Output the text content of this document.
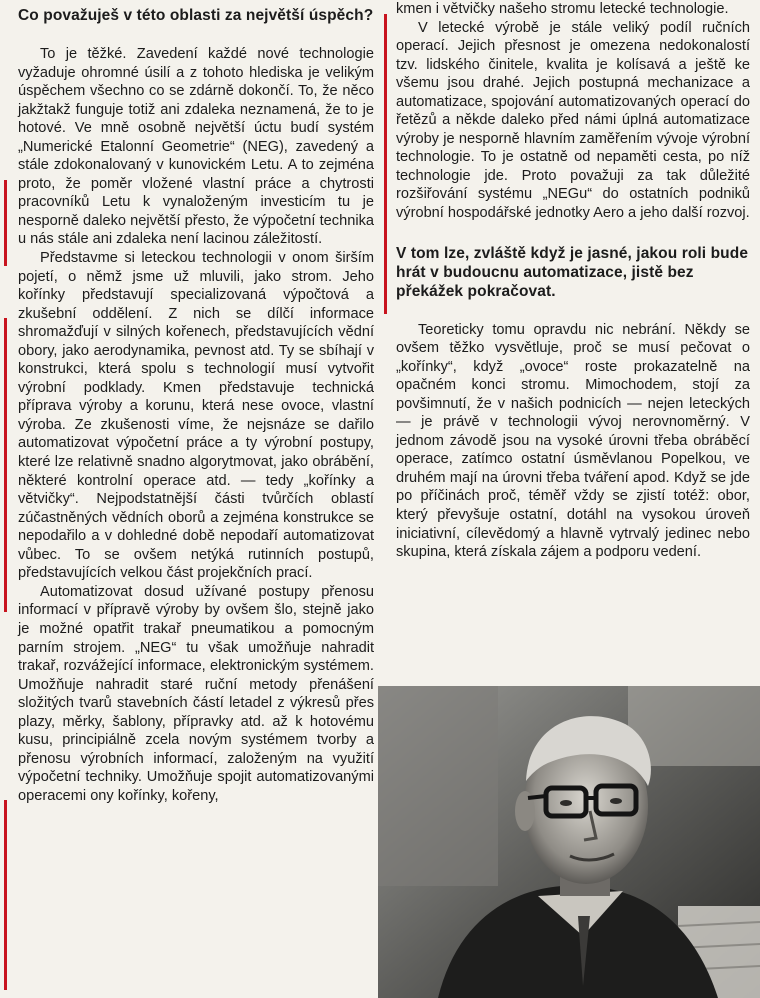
Co považuješ v této oblasti za největší úspěch?

To je těžké. Zavedení každé nové technologie vyžaduje ohromné úsilí a z tohoto hlediska je velikým úspěchem všechno co se zdárně dokončí. To, že něco jakžtakž funguje totiž ani zdaleka neznamená, že to je hotové. Ve mně osobně největší úctu budí systém „Numerické Etalonní Geometrie“ (NEG), zavedený a stále zdokonalovaný v kunovickém Letu. A to zejména proto, že poměr vložené vlastní práce a chytrosti pracovníků Letu k vynaloženým investicím tu je nesporně daleko největší přesto, že výpočetní technika u nás stále ani zdaleka není lacinou záležitostí.

Představme si leteckou technologii v onom širším pojetí, o němž jsme už mluvili, jako strom. Jeho kořínky představují specializovaná výpočtová a zkušební oddělení. Z nich se dílčí informace shromažďují v silných kořenech, představujících vědní obory, jako aerodynamika, pevnost atd. Ty se sbíhají v konstrukci, která spolu s technologií musí vytvořit výrobní podklady. Kmen představuje technická příprava výroby a korunu, která nese ovoce, vlastní výroba. Ze zkušenosti víme, že nejsnáze se dařilo automatizovat výpočetní práce a ty výrobní postupy, které lze relativně snadno algorytmovat, jako obrábění, některé kontrolní operace atd. — tedy „kořínky a větvičky“. Nejpodstatnější části tvůrčích oblastí zúčastněných vědních oborů a zejména konstrukce se nepodařilo a v dohledné době nepodaří automatizovat vůbec. To se ovšem netýká rutinních postupů, představujících velkou část projekčních prací.

Automatizovat dosud užívané postupy přenosu informací v přípravě výroby by ovšem šlo, stejně jako je možné opatřit trakař pneumatikou a pomocným parním strojem. „NEG“ tu však umožňuje nahradit trakař, rozvážející informace, elektronickým systémem. Umožňuje nahradit staré ruční metody přenášení složitých tvarů stavebních částí letadel z výkresů přes plazy, měrky, šablony, přípravky atd. až k hotovému kusu, principiálně zcela novým systémem tvorby a přenosu výrobních informací, založeným na využití výpočetní techniky. Umožňuje spojit automatizovanými operacemi ony kořínky, kořeny,

kmen i větvičky našeho stromu letecké technologie.

V letecké výrobě je stále veliký podíl ručních operací. Jejich přesnost je omezena nedokonalostí tzv. lidského činitele, kvalita je kolísavá a ještě ke všemu jsou drahé. Jejich postupná mechanizace a automatizace, spojování automatizovaných operací do řetězů a někde daleko před námi úplná automatizace výroby je nesporně hlavním zaměřením vývoje výrobní technologie. To je ostatně od nepaměti cesta, po níž technologie jde. Proto považuji za tak důležité rozšiřování systému „NEGu“ do ostatních podniků výrobní hospodářské jednotky Aero a jeho další rozvoj.

V tom lze, zvláště když je jasné, jakou roli bude hrát v budoucnu automatizace, jistě bez překážek pokračovat.

Teoreticky tomu opravdu nic nebrání. Někdy se ovšem těžko vysvětluje, proč se musí pečovat o „kořínky“, když „ovoce“ roste prokazatelně na opačném konci stromu. Mimochodem, stojí za povšimnutí, že v našich podnicích — nejen leteckých — je právě v technologii vývoj nerovnoměrný. V jednom závodě jsou na vysoké úrovni třeba obráběcí operace, zatímco ostatní úsměvlanou Popelkou, ve druhém mají na úrovni třeba tváření apod. Když se jde po příčinách proč, téměř vždy se zjistí totéž: obor, který převyšuje ostatní, dotáhl na vysokou úroveň iniciativní, cílevědomý a hlavně vytrvalý jedinec nebo skupina, která získala zájem a podporu vedení.
